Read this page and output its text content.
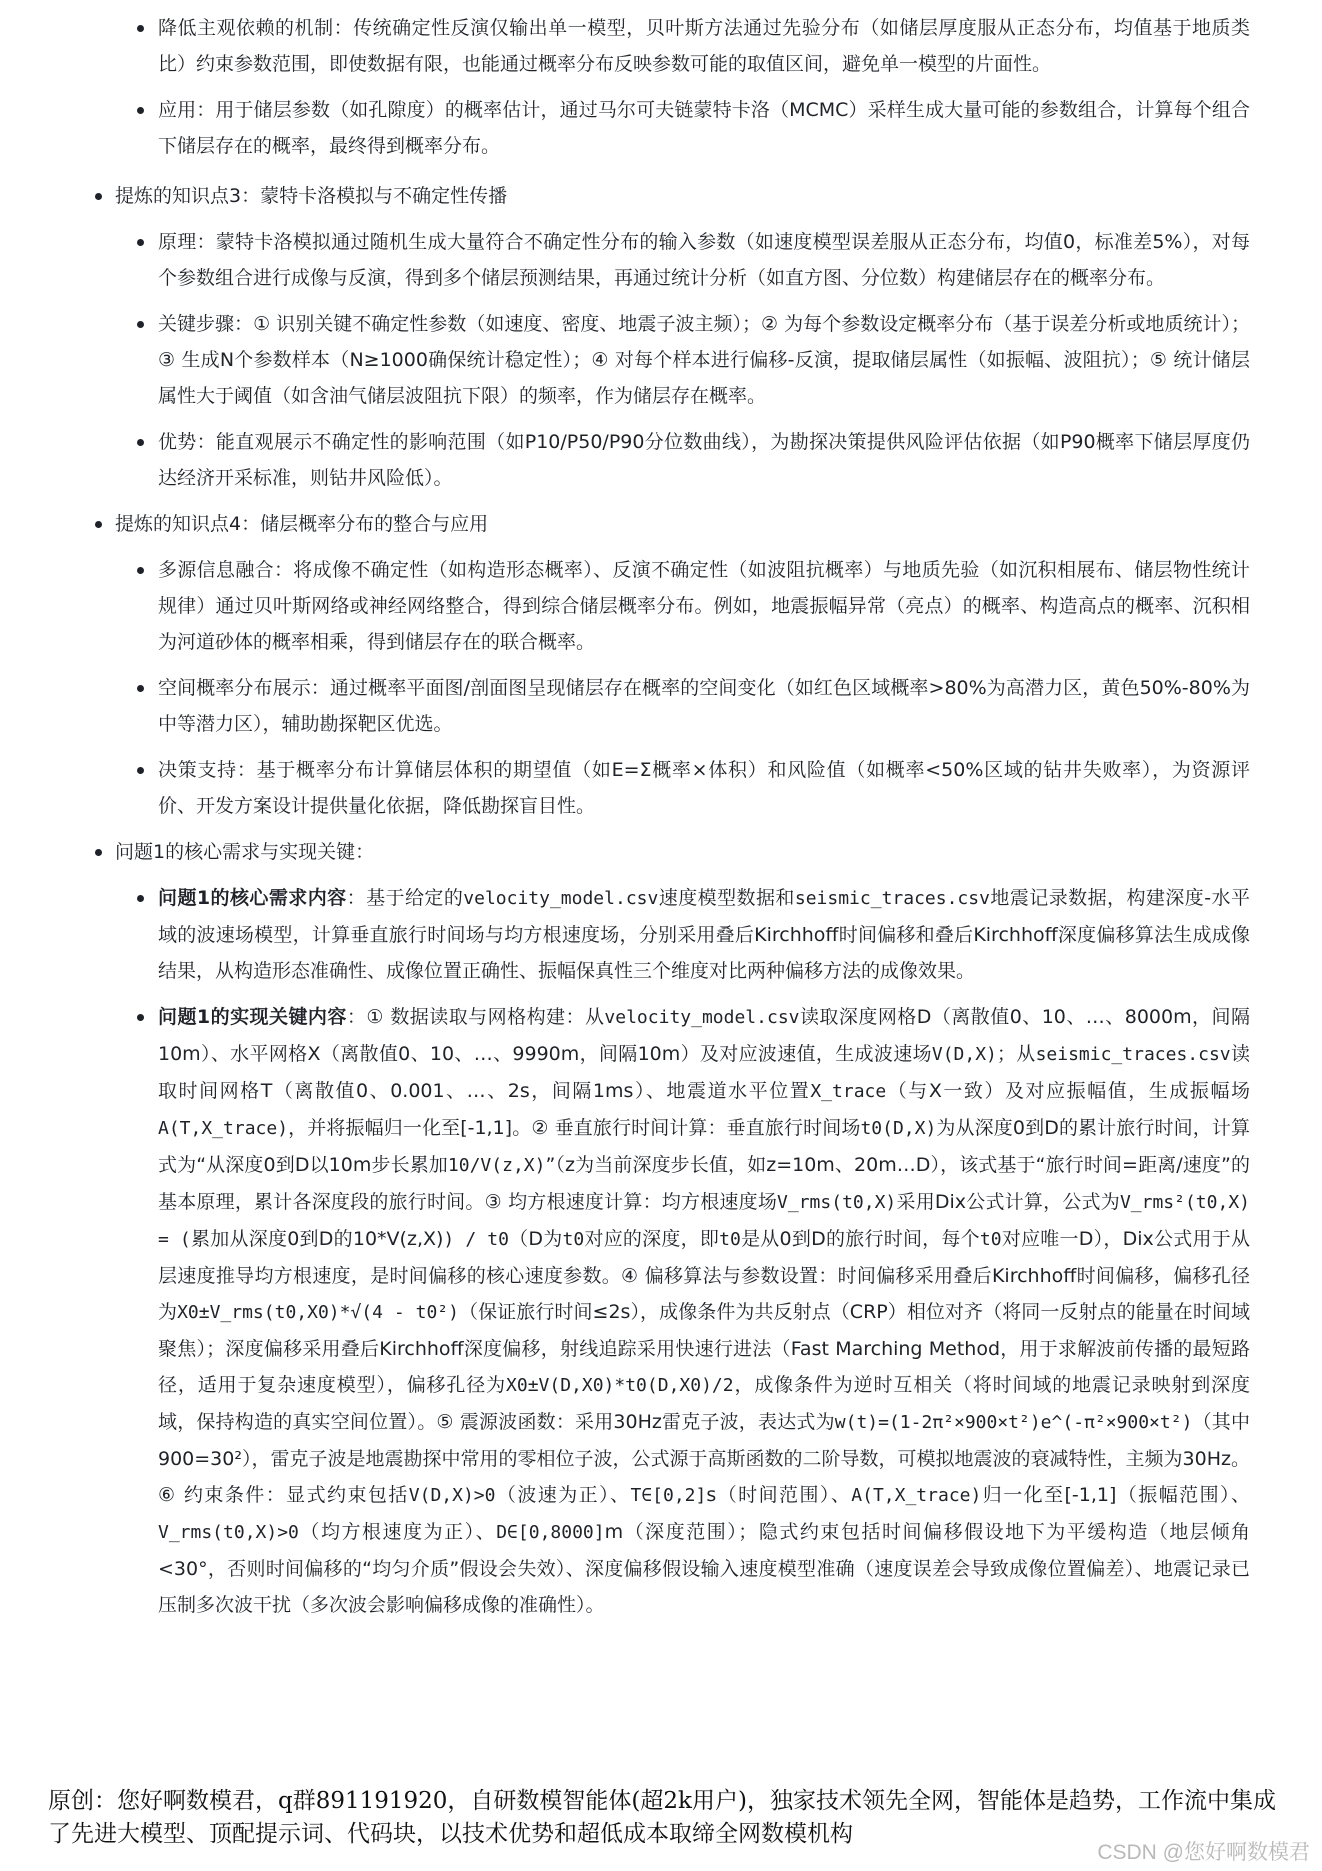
降低主观依赖的机制：传统确定性反演仅输出单一模型，贝叶斯方法通过先验分布（如储层厚度服从正态分布，均值基于地质类比）约束参数范围，即使数据有限，也能通过概率分布反映参数可能的取值区间，避免单一模型的片面性。
应用：用于储层参数（如孔隙度）的概率估计，通过马尔可夫链蒙特卡洛（MCMC）采样生成大量可能的参数组合，计算每个组合下储层存在的概率，最终得到概率分布。
提炼的知识点3：蒙特卡洛模拟与不确定性传播
原理：蒙特卡洛模拟通过随机生成大量符合不确定性分布的输入参数（如速度模型误差服从正态分布，均值0，标准差5%），对每个参数组合进行成像与反演，得到多个储层预测结果，再通过统计分析（如直方图、分位数）构建储层存在的概率分布。
关键步骤：① 识别关键不确定性参数（如速度、密度、地震子波主频）；② 为每个参数设定概率分布（基于误差分析或地质统计）；③ 生成N个参数样本（N≥1000确保统计稳定性）；④ 对每个样本进行偏移-反演，提取储层属性（如振幅、波阻抗）；⑤ 统计储层属性大于阈值（如含油气储层波阻抗下限）的频率，作为储层存在概率。
优势：能直观展示不确定性的影响范围（如P10/P50/P90分位数曲线），为勘探决策提供风险评估依据（如P90概率下储层厚度仍达经济开采标准，则钻井风险低）。
提炼的知识点4：储层概率分布的整合与应用
多源信息融合：将成像不确定性（如构造形态概率）、反演不确定性（如波阻抗概率）与地质先验（如沉积相展布、储层物性统计规律）通过贝叶斯网络或神经网络整合，得到综合储层概率分布。例如，地震振幅异常（亮点）的概率、构造高点的概率、沉积相为河道砂体的概率相乘，得到储层存在的联合概率。
空间概率分布展示：通过概率平面图/剖面图呈现储层存在概率的空间变化（如红色区域概率>80%为高潜力区，黄色50%-80%为中等潜力区），辅助勘探靶区优选。
决策支持：基于概率分布计算储层体积的期望值（如E=Σ概率×体积）和风险值（如概率<50%区域的钻井失败率），为资源评价、开发方案设计提供量化依据，降低勘探盲目性。
问题1的核心需求与实现关键：
问题1的核心需求内容：基于给定的velocity_model.csv速度模型数据和seismic_traces.csv地震记录数据，构建深度-水平域的波速场模型，计算垂直旅行时间场与均方根速度场，分别采用叠后Kirchhoff时间偏移和叠后Kirchhoff深度偏移算法生成成像结果，从构造形态准确性、成像位置正确性、振幅保真性三个维度对比两种偏移方法的成像效果。
问题1的实现关键内容：① 数据读取与网格构建：从velocity_model.csv读取深度网格D（离散值0、10、…、8000m，间隔10m）、水平网格X（离散值0、10、…、9990m，间隔10m）及对应波速值，生成波速场V(D,X)；从seismic_traces.csv读取时间网格T（离散值0、0.001、…、2s，间隔1ms）、地震道水平位置X_trace（与X一致）及对应振幅值，生成振幅场A(T,X_trace)，并将振幅归一化至[-1,1]。② 垂直旅行时间计算：垂直旅行时间场t0(D,X)为从深度0到D的累计旅行时间，计算式为“从深度0到D以10m步长累加10/V(z,X)”（z为当前深度步长值，如z=10m、20m…D），该式基于“旅行时间=距离/速度”的基本原理，累计各深度段的旅行时间。③ 均方根速度计算：均方根速度场V_rms(t0,X)采用Dix公式计算，公式为V_rms²(t0,X) = (累加从深度0到D的10*V(z,X)) / t0（D为t0对应的深度，即t0是从0到D的旅行时间，每个t0对应唯一D），Dix公式用于从层速度推导均方根速度，是时间偏移的核心速度参数。④ 偏移算法与参数设置：时间偏移采用叠后Kirchhoff时间偏移，偏移孔径为X0±V_rms(t0,X0)*√(4 - t0²)（保证旅行时间≤2s），成像条件为共反射点（CRP）相位对齐（将同一反射点的能量在时间域聚焦）；深度偏移采用叠后Kirchhoff深度偏移，射线追踪采用快速行进法（Fast Marching Method，用于求解波前传播的最短路径，适用于复杂速度模型），偏移孔径为X0±V(D,X0)*t0(D,X0)/2，成像条件为逆时互相关（将时间域的地震记录映射到深度域，保持构造的真实空间位置）。⑤ 震源波函数：采用30Hz雷克子波，表达式为w(t)=(1-2π²×900×t²)e^(-π²×900×t²)（其中900=30²），雷克子波是地震勘探中常用的零相位子波，公式源于高斯函数的二阶导数，可模拟地震波的衰减特性，主频为30Hz。⑥ 约束条件：显式约束包括V(D,X)>0（波速为正）、T∈[0,2]s（时间范围）、A(T,X_trace)归一化至[-1,1]（振幅范围）、V_rms(t0,X)>0（均方根速度为正）、D∈[0,8000]m（深度范围）；隐式约束包括时间偏移假设地下为平缓构造（地层倾角<30°，否则时间偏移的“均匀介质”假设会失效）、深度偏移假设输入速度模型准确（速度误差会导致成像位置偏差）、地震记录已压制多次波干扰（多次波会影响偏移成像的准确性）。
原创：您好啊数模君，q群891191920，自研数模智能体(超2k用户)，独家技术领先全网，智能体是趋势，工作流中集成了先进大模型、顶配提示词、代码块，以技术优势和超低成本取缔全网数模机构
CSDN @您好啊数模君
